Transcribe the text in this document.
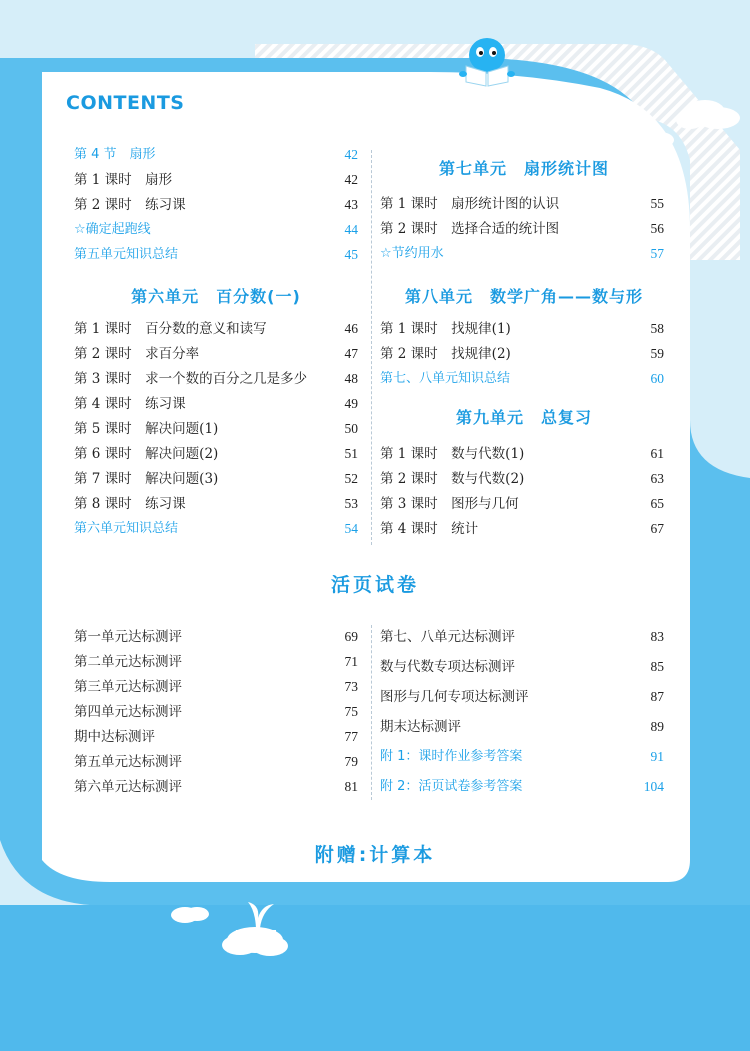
CONTENTS
第 4 节　扇形	42
第 1 课时　扇形	42
第 2 课时　练习课	43
☆确定起跑线	44
第五单元知识总结	45
第六单元　百分数(一)
第 1 课时　百分数的意义和读写	46
第 2 课时　求百分率	47
第 3 课时　求一个数的百分之几是多少	48
第 4 课时　练习课	49
第 5 课时　解决问题(1)	50
第 6 课时　解决问题(2)	51
第 7 课时　解决问题(3)	52
第 8 课时　练习课	53
第六单元知识总结	54
第七单元　扇形统计图
第 1 课时　扇形统计图的认识	55
第 2 课时　选择合适的统计图	56
☆节约用水	57
第八单元　数学广角——数与形
第 1 课时　找规律(1)	58
第 2 课时　找规律(2)	59
第七、八单元知识总结	60
第九单元　总复习
第 1 课时　数与代数(1)	61
第 2 课时　数与代数(2)	63
第 3 课时　图形与几何	65
第 4 课时　统计	67
第一单元达标测评	69
第二单元达标测评	71
第三单元达标测评	73
第四单元达标测评	75
期中达标测评	77
第五单元达标测评	79
第六单元达标测评	81
第七、八单元达标测评	83
数与代数专项达标测评	85
图形与几何专项达标测评	87
期末达标测评	89
附 1：课时作业参考答案	91
附 2：活页试卷参考答案	104
活页试卷
附赠:计算本
